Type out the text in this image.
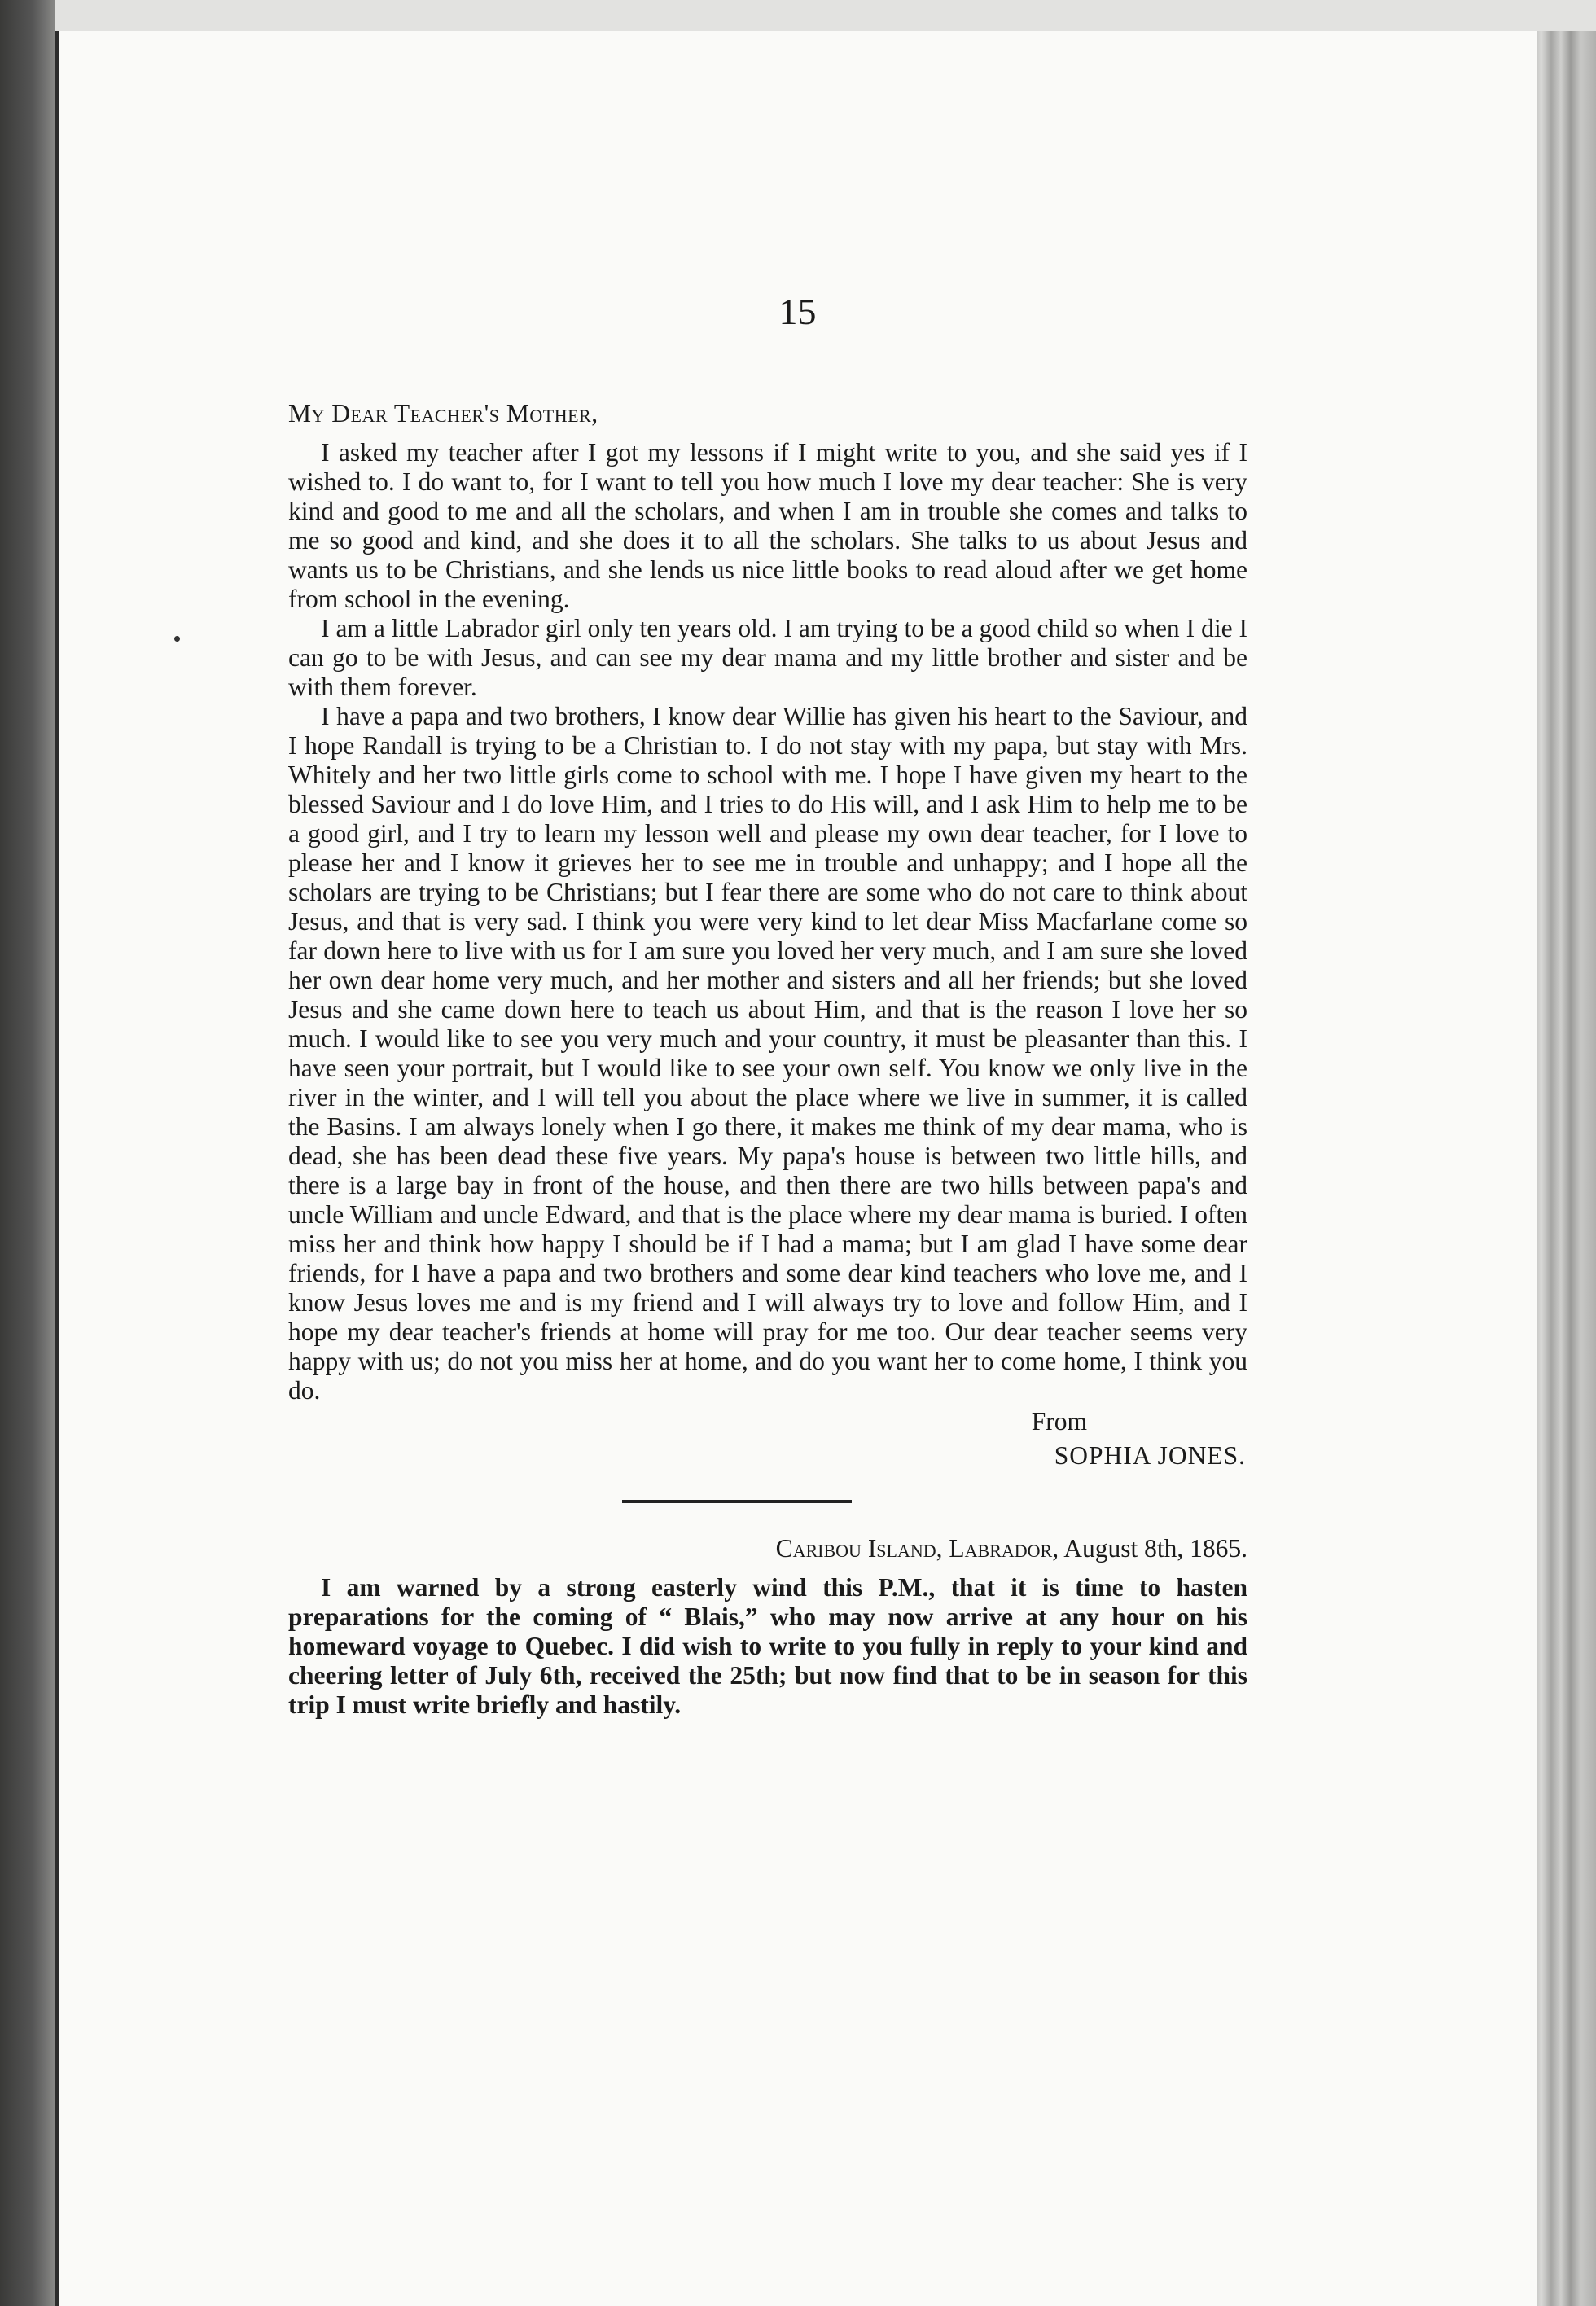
15
My Dear Teacher's Mother,

I asked my teacher after I got my lessons if I might write to you, and she said yes if I wished to. I do want to, for I want to tell you how much I love my dear teacher: She is very kind and good to me and all the scholars, and when I am in trouble she comes and talks to me so good and kind, and she does it to all the scholars. She talks to us about Jesus and wants us to be Christians, and she lends us nice little books to read aloud after we get home from school in the evening.

I am a little Labrador girl only ten years old. I am trying to be a good child so when I die I can go to be with Jesus, and can see my dear mama and my little brother and sister and be with them forever.

I have a papa and two brothers, I know dear Willie has given his heart to the Saviour, and I hope Randall is trying to be a Christian to. I do not stay with my papa, but stay with Mrs. Whitely and her two little girls come to school with me. I hope I have given my heart to the blessed Saviour and I do love Him, and I tries to do His will, and I ask Him to help me to be a good girl, and I try to learn my lesson well and please my own dear teacher, for I love to please her and I know it grieves her to see me in trouble and unhappy; and I hope all the scholars are trying to be Christians; but I fear there are some who do not care to think about Jesus, and that is very sad. I think you were very kind to let dear Miss Macfarlane come so far down here to live with us for I am sure you loved her very much, and I am sure she loved her own dear home very much, and her mother and sisters and all her friends; but she loved Jesus and she came down here to teach us about Him, and that is the reason I love her so much. I would like to see you very much and your country, it must be pleasanter than this. I have seen your portrait, but I would like to see your own self. You know we only live in the river in the winter, and I will tell you about the place where we live in summer, it is called the Basins. I am always lonely when I go there, it makes me think of my dear mama, who is dead, she has been dead these five years. My papa's house is between two little hills, and there is a large bay in front of the house, and then there are two hills between papa's and uncle William and uncle Edward, and that is the place where my dear mama is buried. I often miss her and think how happy I should be if I had a mama; but I am glad I have some dear friends, for I have a papa and two brothers and some dear kind teachers who love me, and I know Jesus loves me and is my friend and I will always try to love and follow Him, and I hope my dear teacher's friends at home will pray for me too. Our dear teacher seems very happy with us; do not you miss her at home, and do you want her to come home, I think you do.

From
SOPHIA JONES.
Caribou Island, Labrador, August 8th, 1865.

I am warned by a strong easterly wind this P.M., that it is time to hasten preparations for the coming of “ Blais,” who may now arrive at any hour on his homeward voyage to Quebec. I did wish to write to you fully in reply to your kind and cheering letter of July 6th, received the 25th; but now find that to be in season for this trip I must write briefly and hastily.
